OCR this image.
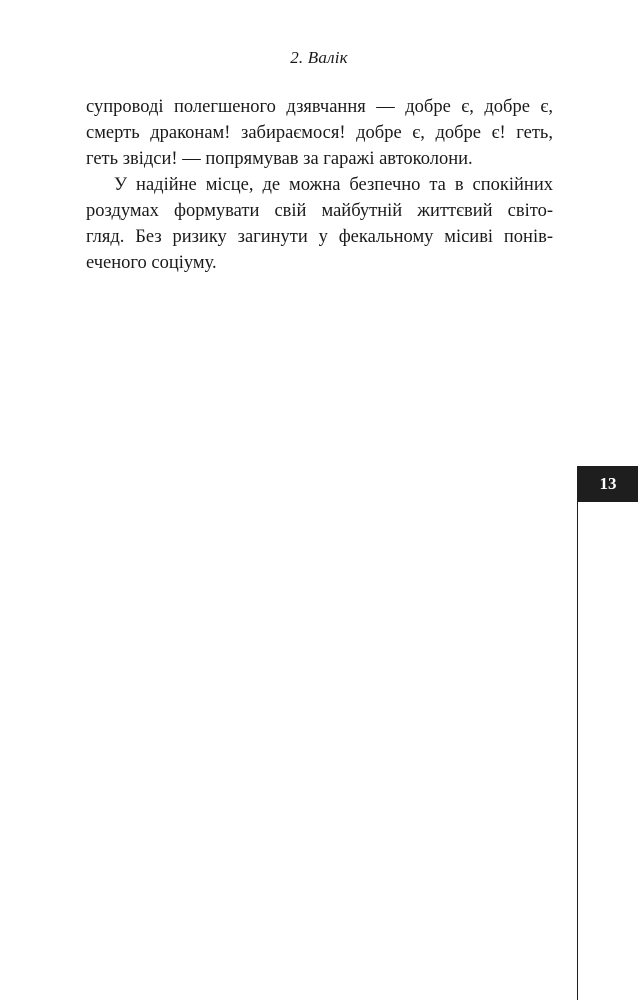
2. Валік
супроводі полегшеного дзявчання — добре є, добре є,
смерть драконам! забираємося! добре є, добре є! геть,
геть звідси! — попрямував за гаражі автоколони.
У надійне місце, де можна безпечно та в спокійних
роздумах формувати свій майбутній життєвий світо-
гляд. Без ризику загинути у фекальному місиві понів-
еченого соціуму.
13
